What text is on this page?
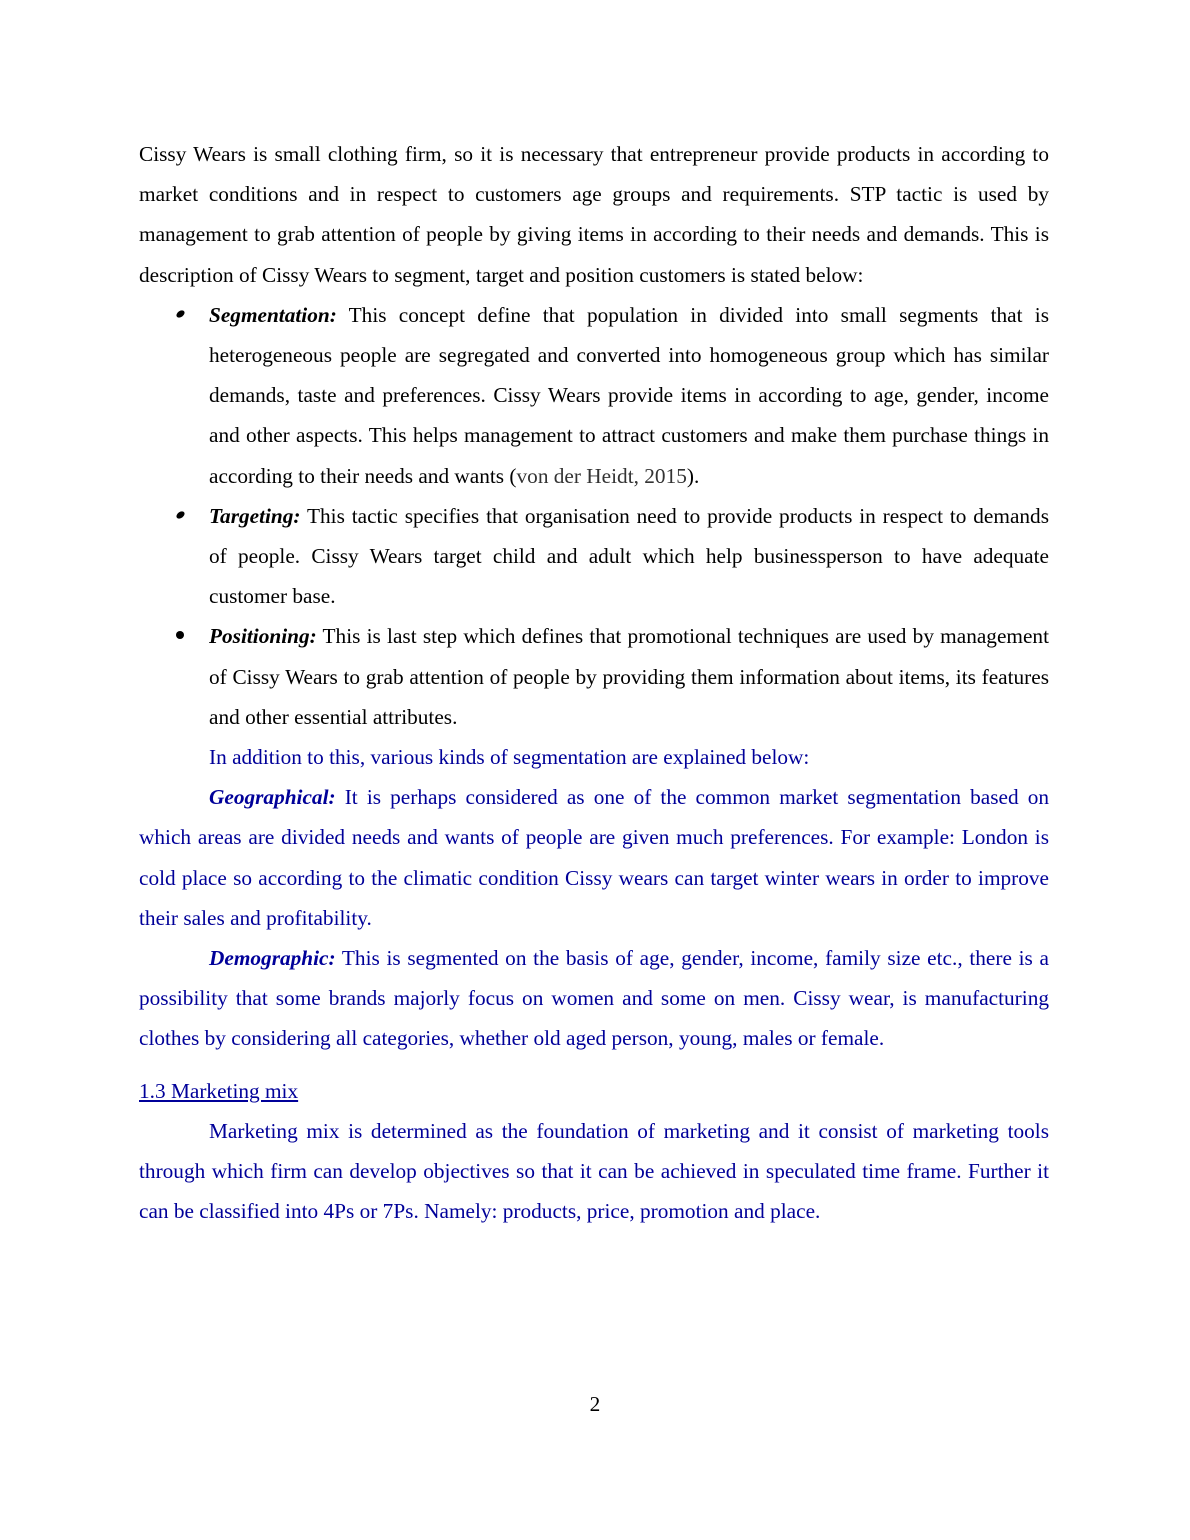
Cissy Wears is small clothing firm, so it is necessary that entrepreneur provide products in according to market conditions and in respect to customers age groups and requirements. STP tactic is used by management to grab attention of people by giving items in according to their needs and demands. This is description of Cissy Wears to segment, target and position customers is stated below:

Segmentation: This concept define that population in divided into small segments that is heterogeneous people are segregated and converted into homogeneous group which has similar demands, taste and preferences. Cissy Wears provide items in according to age, gender, income and other aspects. This helps management to attract customers and make them purchase things in according to their needs and wants (von der Heidt, 2015).
Targeting: This tactic specifies that organisation need to provide products in respect to demands of people. Cissy Wears target child and adult which help businessperson to have adequate customer base.
Positioning: This is last step which defines that promotional techniques are used by management of Cissy Wears to grab attention of people by providing them information about items, its features and other essential attributes.

In addition to this, various kinds of segmentation are explained below:

Geographical: It is perhaps considered as one of the common market segmentation based on which areas are divided needs and wants of people are given much preferences. For example: London is cold place so according to the climatic condition Cissy wears can target winter wears in order to improve their sales and profitability.

Demographic: This is segmented on the basis of age, gender, income, family size etc., there is a possibility that some brands majorly focus on women and some on men. Cissy wear, is manufacturing clothes by considering all categories, whether old aged person, young, males or female.

1.3 Marketing mix

Marketing mix is determined as the foundation of marketing and it consist of marketing tools through which firm can develop objectives so that it can be achieved in speculated time frame. Further it can be classified into 4Ps or 7Ps. Namely: products, price, promotion and place.

2
